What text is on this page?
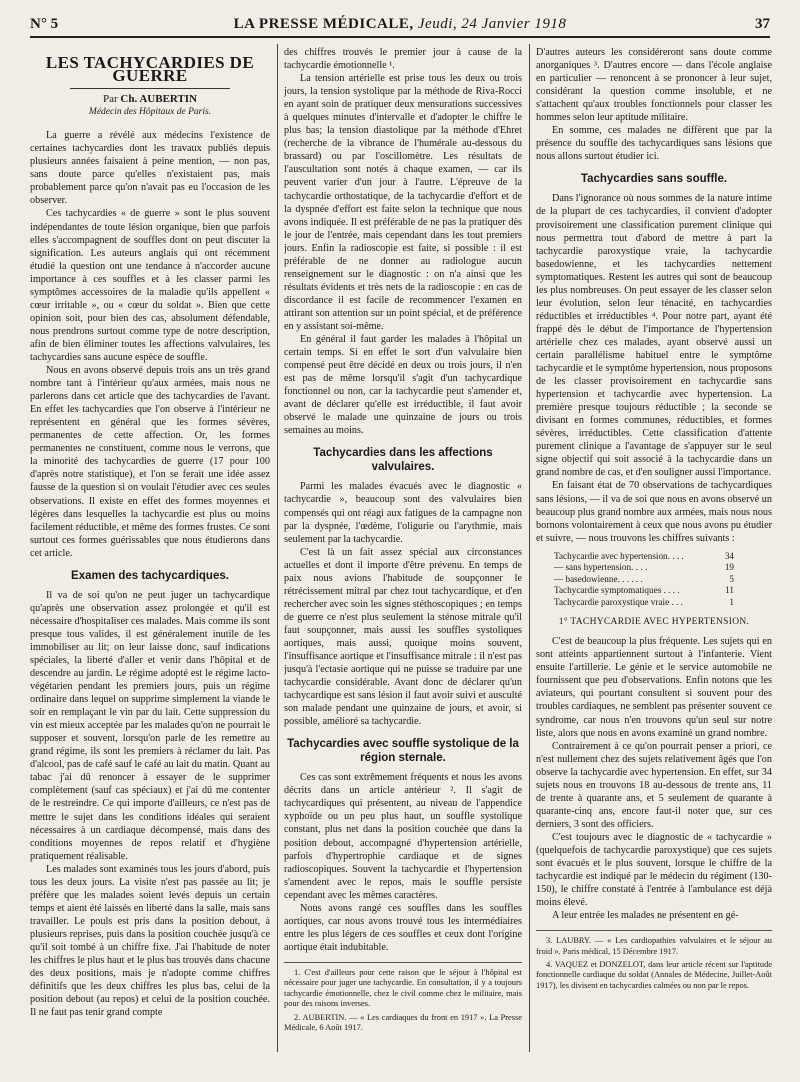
N° 5	LA PRESSE MÉDICALE, Jeudi, 24 Janvier 1918	37
LES TACHYCARDIES DE GUERRE
Par Ch. AUBERTIN
Médecin des Hôpitaux de Paris.

La guerre a révélé aux médecins l'existence de certaines tachycardies dont les travaux publiés depuis plusieurs années faisaient à peine mention, — non pas, sans doute parce qu'elles n'existaient pas, mais probablement parce qu'on n'avait pas eu l'occasion de les observer.

Ces tachycardies « de guerre » sont le plus souvent indépendantes de toute lésion organique, bien que parfois elles s'accompagnent de souffles dont on peut discuter la signification. Les auteurs anglais qui ont récemment étudié la question ont une tendance à n'accorder aucune importance à ces souffles et à les classer parmi les symptômes accessoires de la maladie qu'ils appellent « cœur irritable », ou « cœur du soldat ». Bien que cette opinion soit, pour bien des cas, absolument défendable, nous prendrons surtout comme type de notre description, afin de bien éliminer toutes les affections valvulaires, les tachycardies sans aucune espèce de souffle.

Nous en avons observé depuis trois ans un très grand nombre tant à l'intérieur qu'aux armées, mais nous ne parlerons dans cet article que des tachycardies de l'avant. En effet les tachycardies que l'on observe à l'intérieur ne représentent en général que les formes sévères, permanentes de cette affection. Or, les formes permanentes ne constituent, comme nous le verrons, que la minorité des tachycardies de guerre (17 pour 100 d'après notre statistique), et l'on se ferait une idée assez fausse de la question si on voulait l'étudier avec ces seules observations. Il existe en effet des formes moyennes et légères dans lesquelles la tachycardie est plus ou moins facilement réductible, et même des formes frustes. Ce sont surtout ces formes guérissables que nous étudierons dans cet article.

Examen des tachycardiques.

Il va de soi qu'on ne peut juger un tachycardique qu'après une observation assez prolongée et qu'il est nécessaire d'hospitaliser ces malades. Mais comme ils sont presque tous valides, il est généralement inutile de les immobiliser au lit; on leur laisse donc, sauf indications spéciales, la liberté d'aller et venir dans l'hôpital et de descendre au jardin. Le régime adopté est le régime lacto-végétarien pendant les premiers jours, puis un régime ordinaire dans lequel on supprime simplement la viande le soir en remplaçant le vin par du lait. Cette suppression du vin est mieux acceptée par les malades qu'on ne pourrait le supposer et souvent, lorsqu'on parle de les remettre au grand régime, ils sont les premiers à réclamer du lait. Pas d'alcool, pas de café sauf le café au lait du matin. Quant au tabac j'ai dû renoncer à essayer de le supprimer complètement (sauf cas spéciaux) et j'ai dû me contenter de le restreindre. Ce qui importe d'ailleurs, ce n'est pas de mettre le sujet dans les conditions idéales qui seraient nécessaires à un cardiaque décompensé, mais dans des conditions moyennes de repos relatif et d'hygiène pratiquement réalisable.

Les malades sont examinés tous les jours d'abord, puis tous les deux jours. La visite n'est pas passée au lit; je préfère que les malades soient levés depuis un certain temps et aient été laissés en liberté dans la salle, mais sans travailler. Le pouls est pris dans la position debout, à plusieurs reprises, puis dans la position couchée jusqu'à ce qu'il soit tombé à un chiffre fixe. J'ai l'habitude de noter les chiffres le plus haut et le plus bas trouvés dans chacune des deux positions, mais je n'adopte comme chiffres définitifs que les deux chiffres les plus bas, celui de la position debout (au repos) et celui de la position couchée. Il ne faut pas tenir grand compte

des chiffres trouvés le premier jour à cause de la tachycardie émotionnelle ¹.

La tension artérielle est prise tous les deux ou trois jours, la tension systolique par la méthode de Riva-Rocci en ayant soin de pratiquer deux mensurations successives à quelques minutes d'intervalle et d'adopter le chiffre le plus bas; la tension diastolique par la méthode d'Ehret (recherche de la vibrance de l'humérale au-dessous du brassard) ou par l'oscillomètre. Les résultats de l'auscultation sont notés à chaque examen, — car ils peuvent varier d'un jour à l'autre. L'épreuve de la tachycardie orthostatique, de la tachycardie d'effort et de la dyspnée d'effort est faite selon la technique que nous avons indiquée. Il est préférable de ne pas la pratiquer dès le jour de l'entrée, mais cependant dans les tout premiers jours. Enfin la radioscopie est faite, si possible : il est préférable de ne donner au radiologue aucun renseignement sur le diagnostic : on n'a ainsi que les résultats évidents et très nets de la radioscopie : en cas de discordance il est facile de recommencer l'examen en attirant son attention sur un point spécial, et de préférence en y assistant soi-même.

En général il faut garder les malades à l'hôpital un certain temps. Si en effet le sort d'un valvulaire bien compensé peut être décidé en deux ou trois jours, il n'en est pas de même lorsqu'il s'agit d'un tachycardique fonctionnel ou non, car la tachycardie peut s'amender et, avant de déclarer qu'elle est irréductible, il faut avoir observé le malade une quinzaine de jours ou trois semaines au moins.

Tachycardies dans les affections valvulaires.

Parmi les malades évacués avec le diagnostic « tachycardie », beaucoup sont des valvulaires bien compensés qui ont réagi aux fatigues de la campagne non par la dyspnée, l'œdème, l'oligurie ou l'arythmie, mais seulement par la tachycardie.

C'est là un fait assez spécial aux circonstances actuelles et dont il importe d'être prévenu. En temps de paix nous avions l'habitude de soupçonner le rétrécissement mitral par chez tout tachycardique, et d'en rechercher avec soin les signes stéthoscopiques ; en temps de guerre ce n'est plus seulement la sténose mitrale qu'il faut soupçonner, mais aussi les souffles systoliques aortiques, mais aussi, quoique moins souvent, l'insuffisance aortique et l'insuffisance mitrale : il n'est pas jusqu'à l'ectasie aortique qui ne puisse se traduire par une tachycardie considérable. Avant donc de déclarer qu'un tachycardique est sans lésion il faut avoir suivi et ausculté son malade pendant une quinzaine de jours, et avoir, si possible, amélioré sa tachycardie.

Tachycardies avec souffle systolique de la région sternale.

Ces cas sont extrêmement fréquents et nous les avons décrits dans un article antérieur ². Il s'agit de tachycardiques qui présentent, au niveau de l'appendice xyphoïde ou un peu plus haut, un souffle systolique constant, plus net dans la position couchée que dans la position debout, accompagné d'hypertension artérielle, parfois d'hypertrophie cardiaque et de signes radioscopiques. Souvent la tachycardie et l'hypertension s'amendent avec le repos, mais le souffle persiste cependant avec les mêmes caractères.

Nous avons rangé ces souffles dans les souffles aortiques, car nous avons trouvé tous les intermédiaires entre les plus légers de ces souffles et ceux dont l'origine aortique était indubitable.

1. C'est d'ailleurs pour cette raison que le séjour à l'hôpital est nécessaire pour juger une tachycardie. En consultation, il y a toujours tachycardie émotionnelle, chez le civil comme chez le militaire, mais pour des raisons inverses.

2. AUBERTIN. — « Les cardiaques du front en 1917 ». La Presse Médicale, 6 Août 1917.

D'autres auteurs les considéreront sans doute comme anorganiques ³. D'autres encore — dans l'école anglaise en particulier — renoncent à se prononcer à leur sujet, considérant la question comme insoluble, et ne s'attachent qu'aux troubles fonctionnels pour classer les hommes selon leur aptitude militaire.

En somme, ces malades ne diffèrent que par la présence du souffle des tachycardiques sans lésions que nous allons surtout étudier ici.

Tachycardies sans souffle.

Dans l'ignorance où nous sommes de la nature intime de la plupart de ces tachycardies, il convient d'adopter provisoirement une classification purement clinique qui nous permettra tout d'abord de mettre à part la tachycardie paroxystique vraie, la tachycardie basedowienne, et les tachycardies nettement symptomatiques. Restent les autres qui sont de beaucoup les plus nombreuses. On peut essayer de les classer selon leur évolution, selon leur ténacité, en tachycardies réductibles et irréductibles ⁴. Pour notre part, ayant été frappé dès le début de l'importance de l'hypertension artérielle chez ces malades, ayant observé aussi un certain parallélisme habituel entre le symptôme tachycardie et le symptôme hypertension, nous proposons de les classer provisoirement en tachycardie sans hypertension et tachycardie avec hypertension. La première presque toujours réductible ; la seconde se divisant en formes communes, réductibles, et formes sévères, irréductibles. Cette classification d'attente purement clinique a l'avantage de s'appuyer sur le seul signe objectif qui soit associé à la tachycardie dans un grand nombre de cas, et d'en souligner aussi l'importance.

En faisant état de 70 observations de tachycardiques sans lésions, — il va de soi que nous en avons observé un beaucoup plus grand nombre aux armées, mais nous nous bornons volontairement à ceux que nous avons pu étudier et suivre, — nous trouvons les chiffres suivants :

Tachycardie avec hypertension. . . .	34
— sans hypertension. . . .	19
— basedowienne. . . . . .	5
Tachycardie symptomatiques . . . .	11
Tachycardie paroxystique vraie . . .	1
1° TACHYCARDIE AVEC HYPERTENSION.

C'est de beaucoup la plus fréquente. Les sujets qui en sont atteints appartiennent surtout à l'infanterie. Vient ensuite l'artillerie. Le génie et le service automobile ne fournissent que peu d'observations. Enfin notons que les aviateurs, qui pourtant consultent si souvent pour des troubles cardiaques, ne semblent pas présenter souvent ce syndrome, car nous n'en trouvons qu'un seul sur notre liste, alors que nous en avons examiné un grand nombre.

Contrairement à ce qu'on pourrait penser a priori, ce n'est nullement chez des sujets relativement âgés que l'on observe la tachycardie avec hypertension. En effet, sur 34 sujets nous en trouvons 18 au-dessous de trente ans, 11 de trente à quarante ans, et 5 seulement de quarante à quarante-cinq ans, encore faut-il noter que, sur ces derniers, 3 sont des officiers.

C'est toujours avec le diagnostic de « tachycardie » (quelquefois de tachycardie paroxystique) que ces sujets sont évacués et le plus souvent, lorsque le chiffre de la tachycardie est indiqué par le médecin du régiment (130-150), le chiffre constaté à l'entrée à l'ambulance est déjà moins élevé.

A leur entrée les malades ne présentent en gé-

3. LAUBRY. — « Les cardiopathies valvulaires et le séjour au froid ». Paris médical, 15 Décembre 1917.

4. VAQUEZ et DONZELOT, dans leur article récent sur l'aptitude fonctionnelle cardiaque du soldat (Annales de Médecine, Juillet-Août 1917), les divisent en tachycardies calmées ou non par le repos.
